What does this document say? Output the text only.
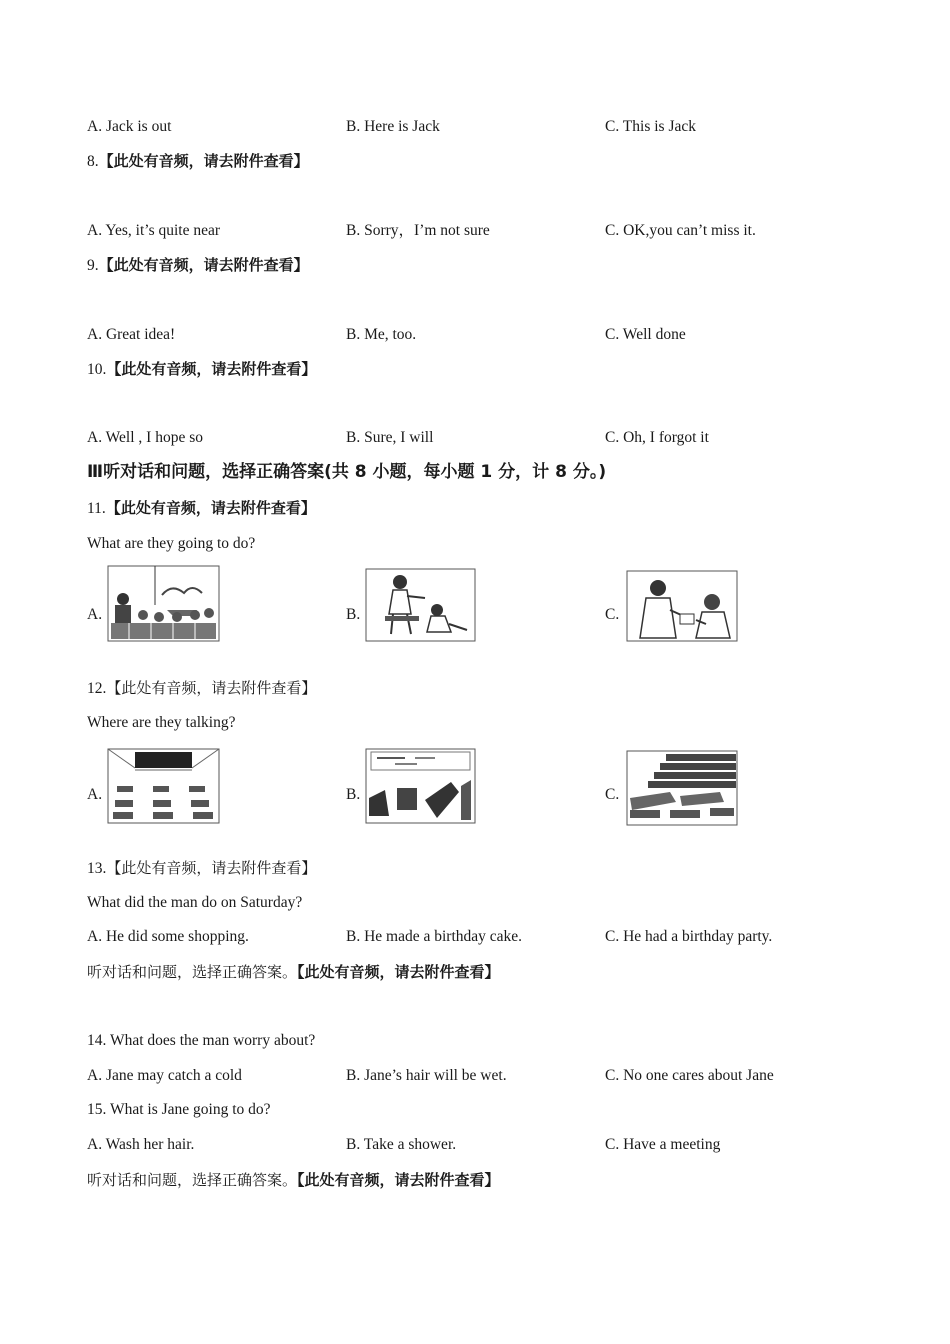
A. Jack is out	B. Here is Jack	C. This is Jack
8.【此处有音频，请去附件查看】
A. Yes, it’s quite near	B. Sorry，I’m not sure	C. OK,you can’t miss it.
9.【此处有音频，请去附件查看】
A. Great idea!	B. Me, too.	C. Well done
10.【此处有音频，请去附件查看】
A. Well , I hope so	B. Sure, I will	C. Oh, I forgot it
Ⅲ听对话和问题，选择正确答案(共 8 小题，每小题 1 分，计 8 分。)
11.【此处有音频，请去附件查看】
What are they going to do?
A.	B.	C.
12.【此处有音频，请去附件查看】
Where are they talking?
A.	B.	C.
13.【此处有音频，请去附件查看】
What did the man do on Saturday?
A. He did some shopping.	B. He made a birthday cake.	C. He had a birthday party.
听对话和问题，选择正确答案。【此处有音频，请去附件查看】
14. What does the man worry about?
A. Jane may catch a cold	B. Jane’s hair will be wet.	C. No one cares about Jane
15. What is Jane going to do?
A. Wash her hair.	B. Take a shower.	C. Have a meeting
听对话和问题，选择正确答案。【此处有音频，请去附件查看】
